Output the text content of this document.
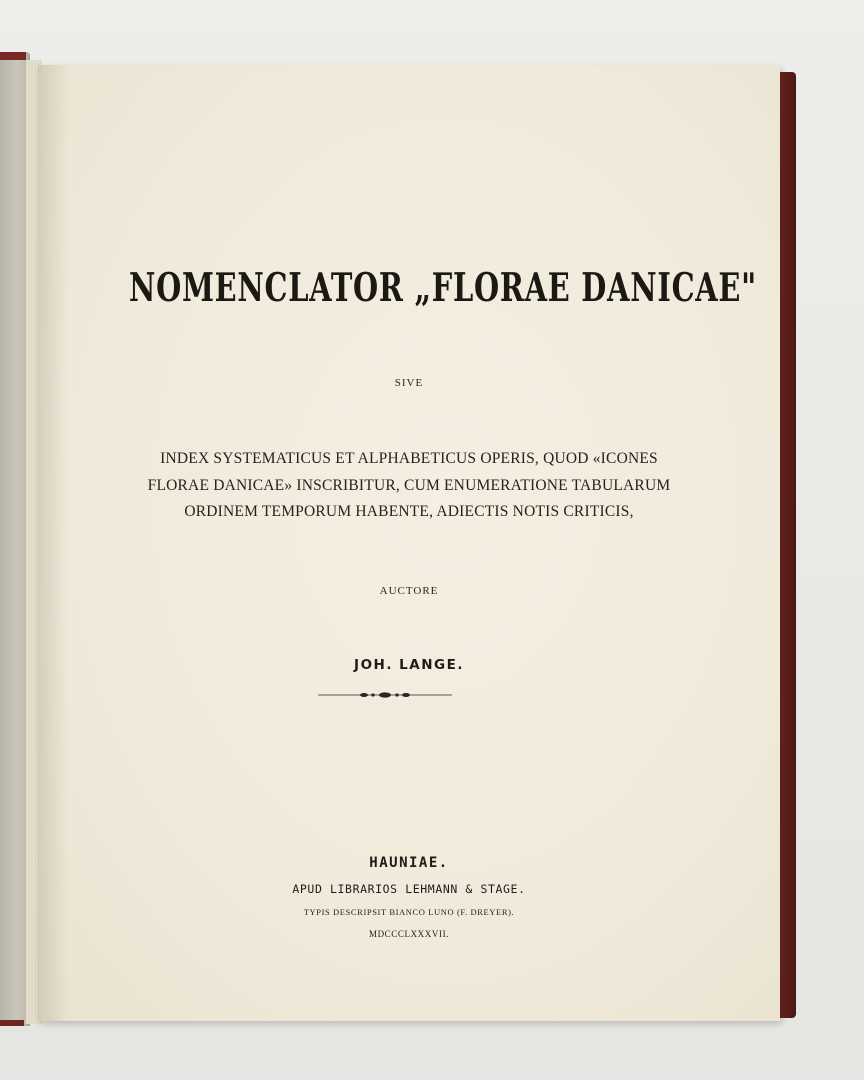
NOMENCLATOR „FLORAE DANICAE"

SIVE

INDEX SYSTEMATICUS ET ALPHABETICUS OPERIS, QUOD «ICONES

FLORAE DANICAE» INSCRIBITUR, CUM ENUMERATIONE TABULARUM

ORDINEM TEMPORUM HABENTE, ADIECTIS NOTIS CRITICIS,

AUCTORE

JOH. LANGE.

HAUNIAE.

APUD LIBRARIOS LEHMANN & STAGE.

TYPIS DESCRIPSIT BIANCO LUNO (F. DREYER).

MDCCCLXXXVII.
